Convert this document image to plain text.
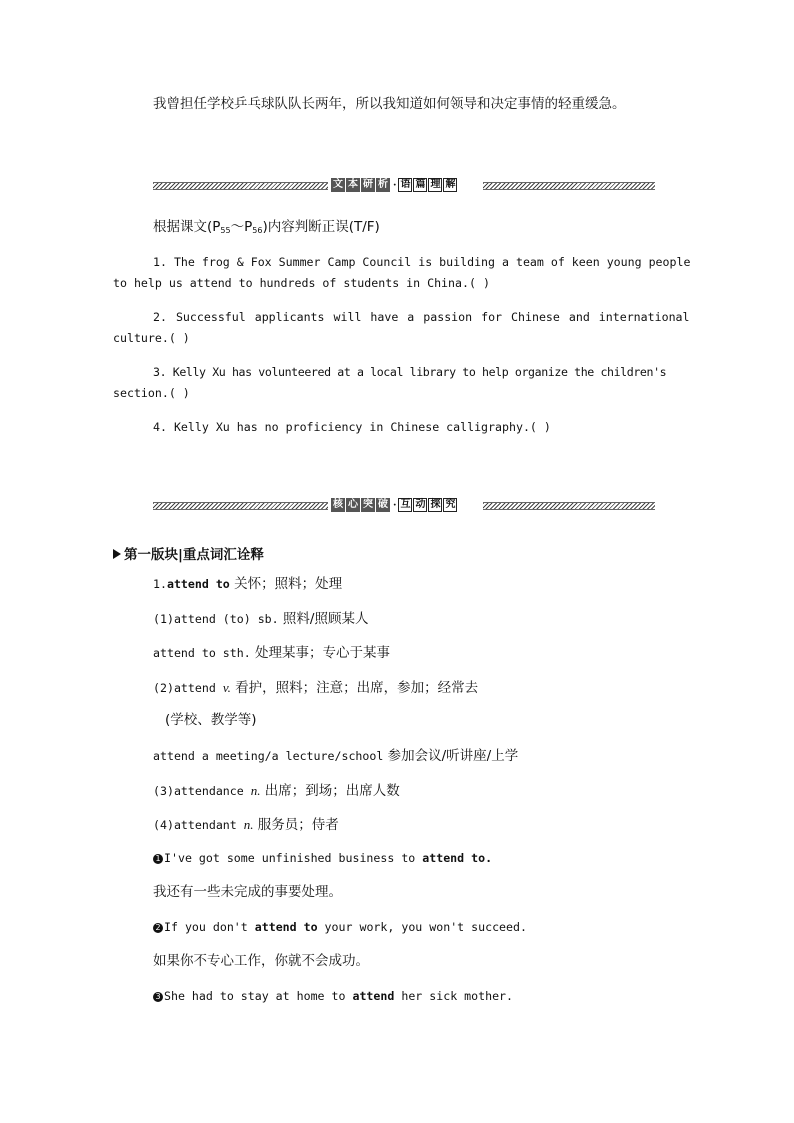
我曾担任学校乒乓球队队长两年，所以我知道如何领导和决定事情的轻重缓急。
文 本 研 析 · 语 篇 理 解
根据课文$(P_{55}\sim P_{56})$内容判断正误(T/F)
1. The frog & Fox Summer Camp Council is building a team of keen young people
to help us attend to hundreds of students in China.( )
2. Successful applicants will have a passion for Chinese and international
culture.( )
3. Kelly Xu has volunteered at a local library to help organize the children's
section.( )
4. Kelly Xu has no proficiency in Chinese calligraphy.( )
核 心 突 破 · 互 动 探 究
第一版块|重点词汇诠释
1.attend to 关怀；照料；处理
(1)attend (to) sb. 照料/照顾某人
attend to sth. 处理某事；专心于某事
(2)attend v. 看护，照料；注意；出席，参加；经常去
(学校、教学等)
attend a meeting/a lecture/school 参加会议/听讲座/上学
(3)attendance n. 出席；到场；出席人数
(4)attendant n. 服务员；侍者
1 I've got some unfinished business to attend to.
我还有一些未完成的事要处理。
2 If you don't attend to your work, you won't succeed.
如果你不专心工作，你就不会成功。
3 She had to stay at home to attend her sick mother.
